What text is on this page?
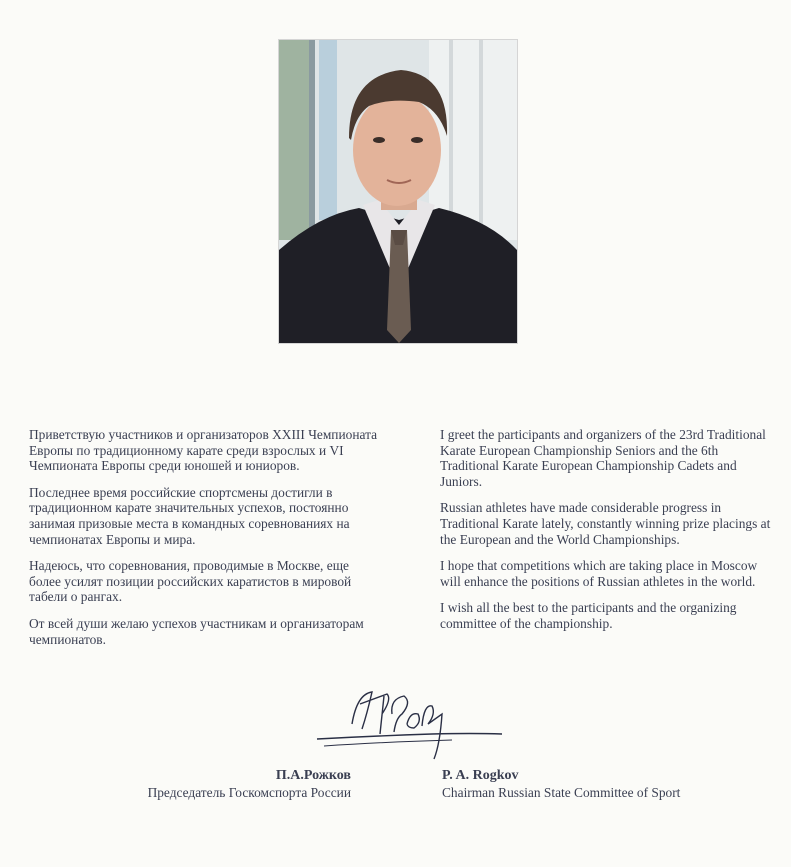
Приветствую участников и организаторов XXIII Чемпионата Европы по традиционному карате среди взрослых и VI Чемпионата Европы среди юношей и юниоров.

Последнее время российские спортсмены достигли в традиционном карате значительных успехов, постоянно занимая призовые места в командных соревнованиях на чемпионатах Европы и мира.

Надеюсь, что соревнования, проводимые в Москве, еще более усилят позиции российских каратистов в мировой табели о рангах.

От всей души желаю успехов участникам и организаторам чемпионатов.

I greet the participants and organizers of the 23rd Traditional Karate European Championship Seniors and the 6th Traditional Karate European Championship Cadets and Juniors.

Russian athletes have made considerable progress in Traditional Karate lately, constantly winning prize placings at the European and the World Championships.

I hope that competitions which are taking place in Moscow will enhance the positions of Russian athletes in the world.

I wish all the best to the participants and the organizing committee of the championship.

П.А.Рожков
Председатель Госкомспорта России
P. A. Rogkov
Chairman Russian State Committee of Sport
